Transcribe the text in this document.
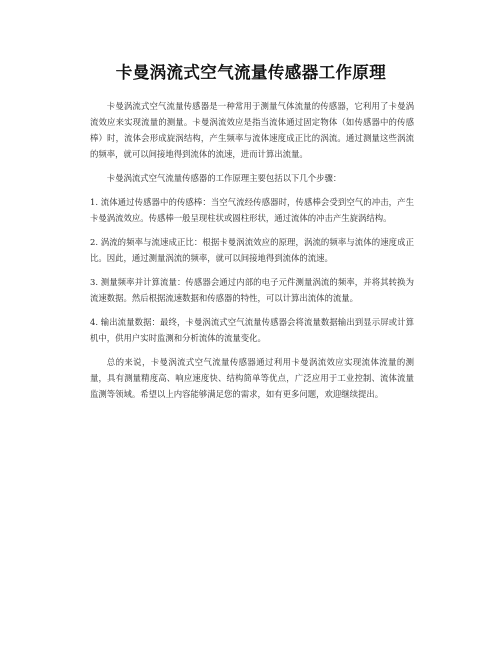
卡曼涡流式空气流量传感器工作原理

卡曼涡流式空气流量传感器是一种常用于测量气体流量的传感器，它利用了卡曼涡流效应来实现流量的测量。卡曼涡流效应是指当流体通过固定物体（如传感器中的传感棒）时，流体会形成旋涡结构，产生频率与流体速度成正比的涡流。通过测量这些涡流的频率，就可以间接地得到流体的流速，进而计算出流量。

卡曼涡流式空气流量传感器的工作原理主要包括以下几个步骤：

1. 流体通过传感器中的传感棒：当空气流经传感器时，传感棒会受到空气的冲击，产生卡曼涡流效应。传感棒一般呈现柱状或圆柱形状，通过流体的冲击产生旋涡结构。

2. 涡流的频率与流速成正比：根据卡曼涡流效应的原理，涡流的频率与流体的速度成正比。因此，通过测量涡流的频率，就可以间接地得到流体的流速。

3. 测量频率并计算流量：传感器会通过内部的电子元件测量涡流的频率，并将其转换为流速数据。然后根据流速数据和传感器的特性，可以计算出流体的流量。

4. 输出流量数据：最终，卡曼涡流式空气流量传感器会将流量数据输出到显示屏或计算机中，供用户实时监测和分析流体的流量变化。

总的来说，卡曼涡流式空气流量传感器通过利用卡曼涡流效应实现流体流量的测量，具有测量精度高、响应速度快、结构简单等优点，广泛应用于工业控制、流体流量监测等领域。希望以上内容能够满足您的需求，如有更多问题，欢迎继续提出。
